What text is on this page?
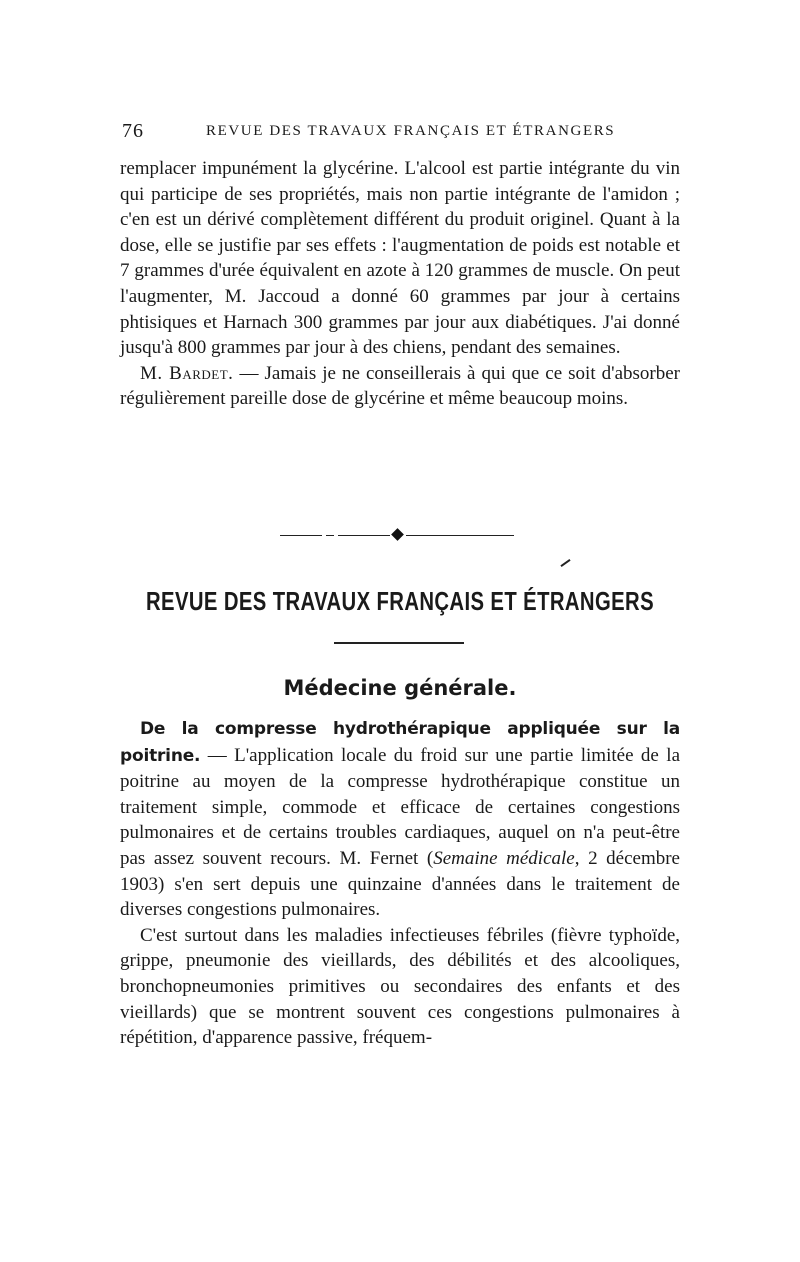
76	REVUE DES TRAVAUX FRANÇAIS ET ÉTRANGERS

remplacer impunément la glycérine. L'alcool est partie intégrante du vin qui participe de ses propriétés, mais non partie intégrante de l'amidon ; c'en est un dérivé complètement différent du produit originel. Quant à la dose, elle se justifie par ses effets : l'augmentation de poids est notable et 7 grammes d'urée équivalent en azote à 120 grammes de muscle. On peut l'augmenter, M. Jaccoud a donné 60 grammes par jour à certains phtisiques et Harnach 300 grammes par jour aux diabétiques. J'ai donné jusqu'à 800 grammes par jour à des chiens, pendant des semaines.

M. Bardet. — Jamais je ne conseillerais à qui que ce soit d'absorber régulièrement pareille dose de glycérine et même beaucoup moins.

REVUE DES TRAVAUX FRANÇAIS ET ÉTRANGERS
Médecine générale.

De la compresse hydrothérapique appliquée sur la poitrine. — L'application locale du froid sur une partie limitée de la poitrine au moyen de la compresse hydrothérapique constitue un traitement simple, commode et efficace de certaines congestions pulmonaires et de certains troubles cardiaques, auquel on n'a peut-être pas assez souvent recours. M. Fernet (Semaine médicale, 2 décembre 1903) s'en sert depuis une quinzaine d'années dans le traitement de diverses congestions pulmonaires.

C'est surtout dans les maladies infectieuses fébriles (fièvre typhoïde, grippe, pneumonie des vieillards, des débilités et des alcooliques, bronchopneumonies primitives ou secondaires des enfants et des vieillards) que se montrent souvent ces congestions pulmonaires à répétition, d'apparence passive, fréquem-
